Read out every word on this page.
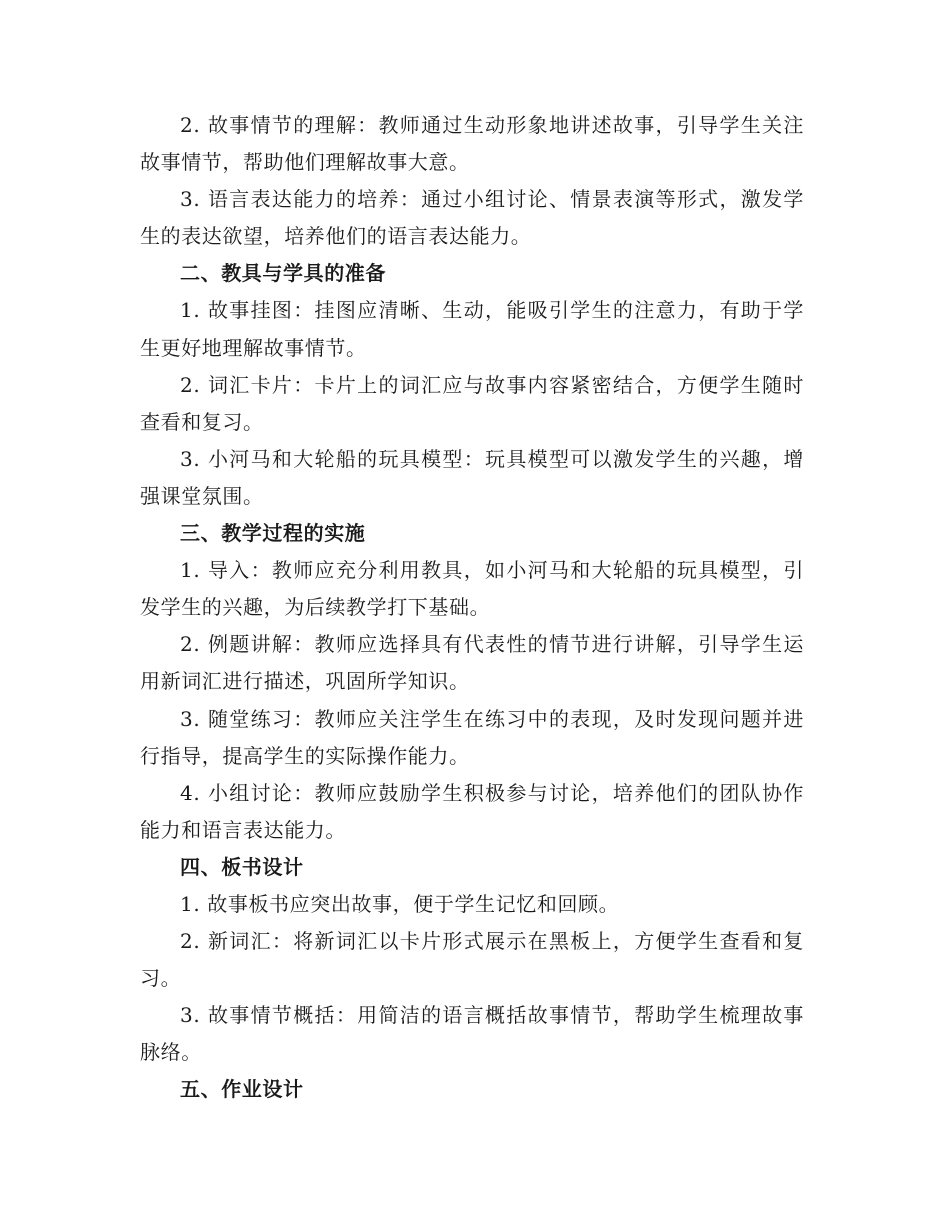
2. 故事情节的理解：教师通过生动形象地讲述故事，引导学生关注故事情节，帮助他们理解故事大意。

3. 语言表达能力的培养：通过小组讨论、情景表演等形式，激发学生的表达欲望，培养他们的语言表达能力。

二、教具与学具的准备

1. 故事挂图：挂图应清晰、生动，能吸引学生的注意力，有助于学生更好地理解故事情节。

2. 词汇卡片：卡片上的词汇应与故事内容紧密结合，方便学生随时查看和复习。

3. 小河马和大轮船的玩具模型：玩具模型可以激发学生的兴趣，增强课堂氛围。

三、教学过程的实施

1. 导入：教师应充分利用教具，如小河马和大轮船的玩具模型，引发学生的兴趣，为后续教学打下基础。

2. 例题讲解：教师应选择具有代表性的情节进行讲解，引导学生运用新词汇进行描述，巩固所学知识。

3. 随堂练习：教师应关注学生在练习中的表现，及时发现问题并进行指导，提高学生的实际操作能力。

4. 小组讨论：教师应鼓励学生积极参与讨论，培养他们的团队协作能力和语言表达能力。

四、板书设计

1. 故事板书应突出故事，便于学生记忆和回顾。

2. 新词汇：将新词汇以卡片形式展示在黑板上，方便学生查看和复习。

3. 故事情节概括：用简洁的语言概括故事情节，帮助学生梳理故事脉络。

五、作业设计
